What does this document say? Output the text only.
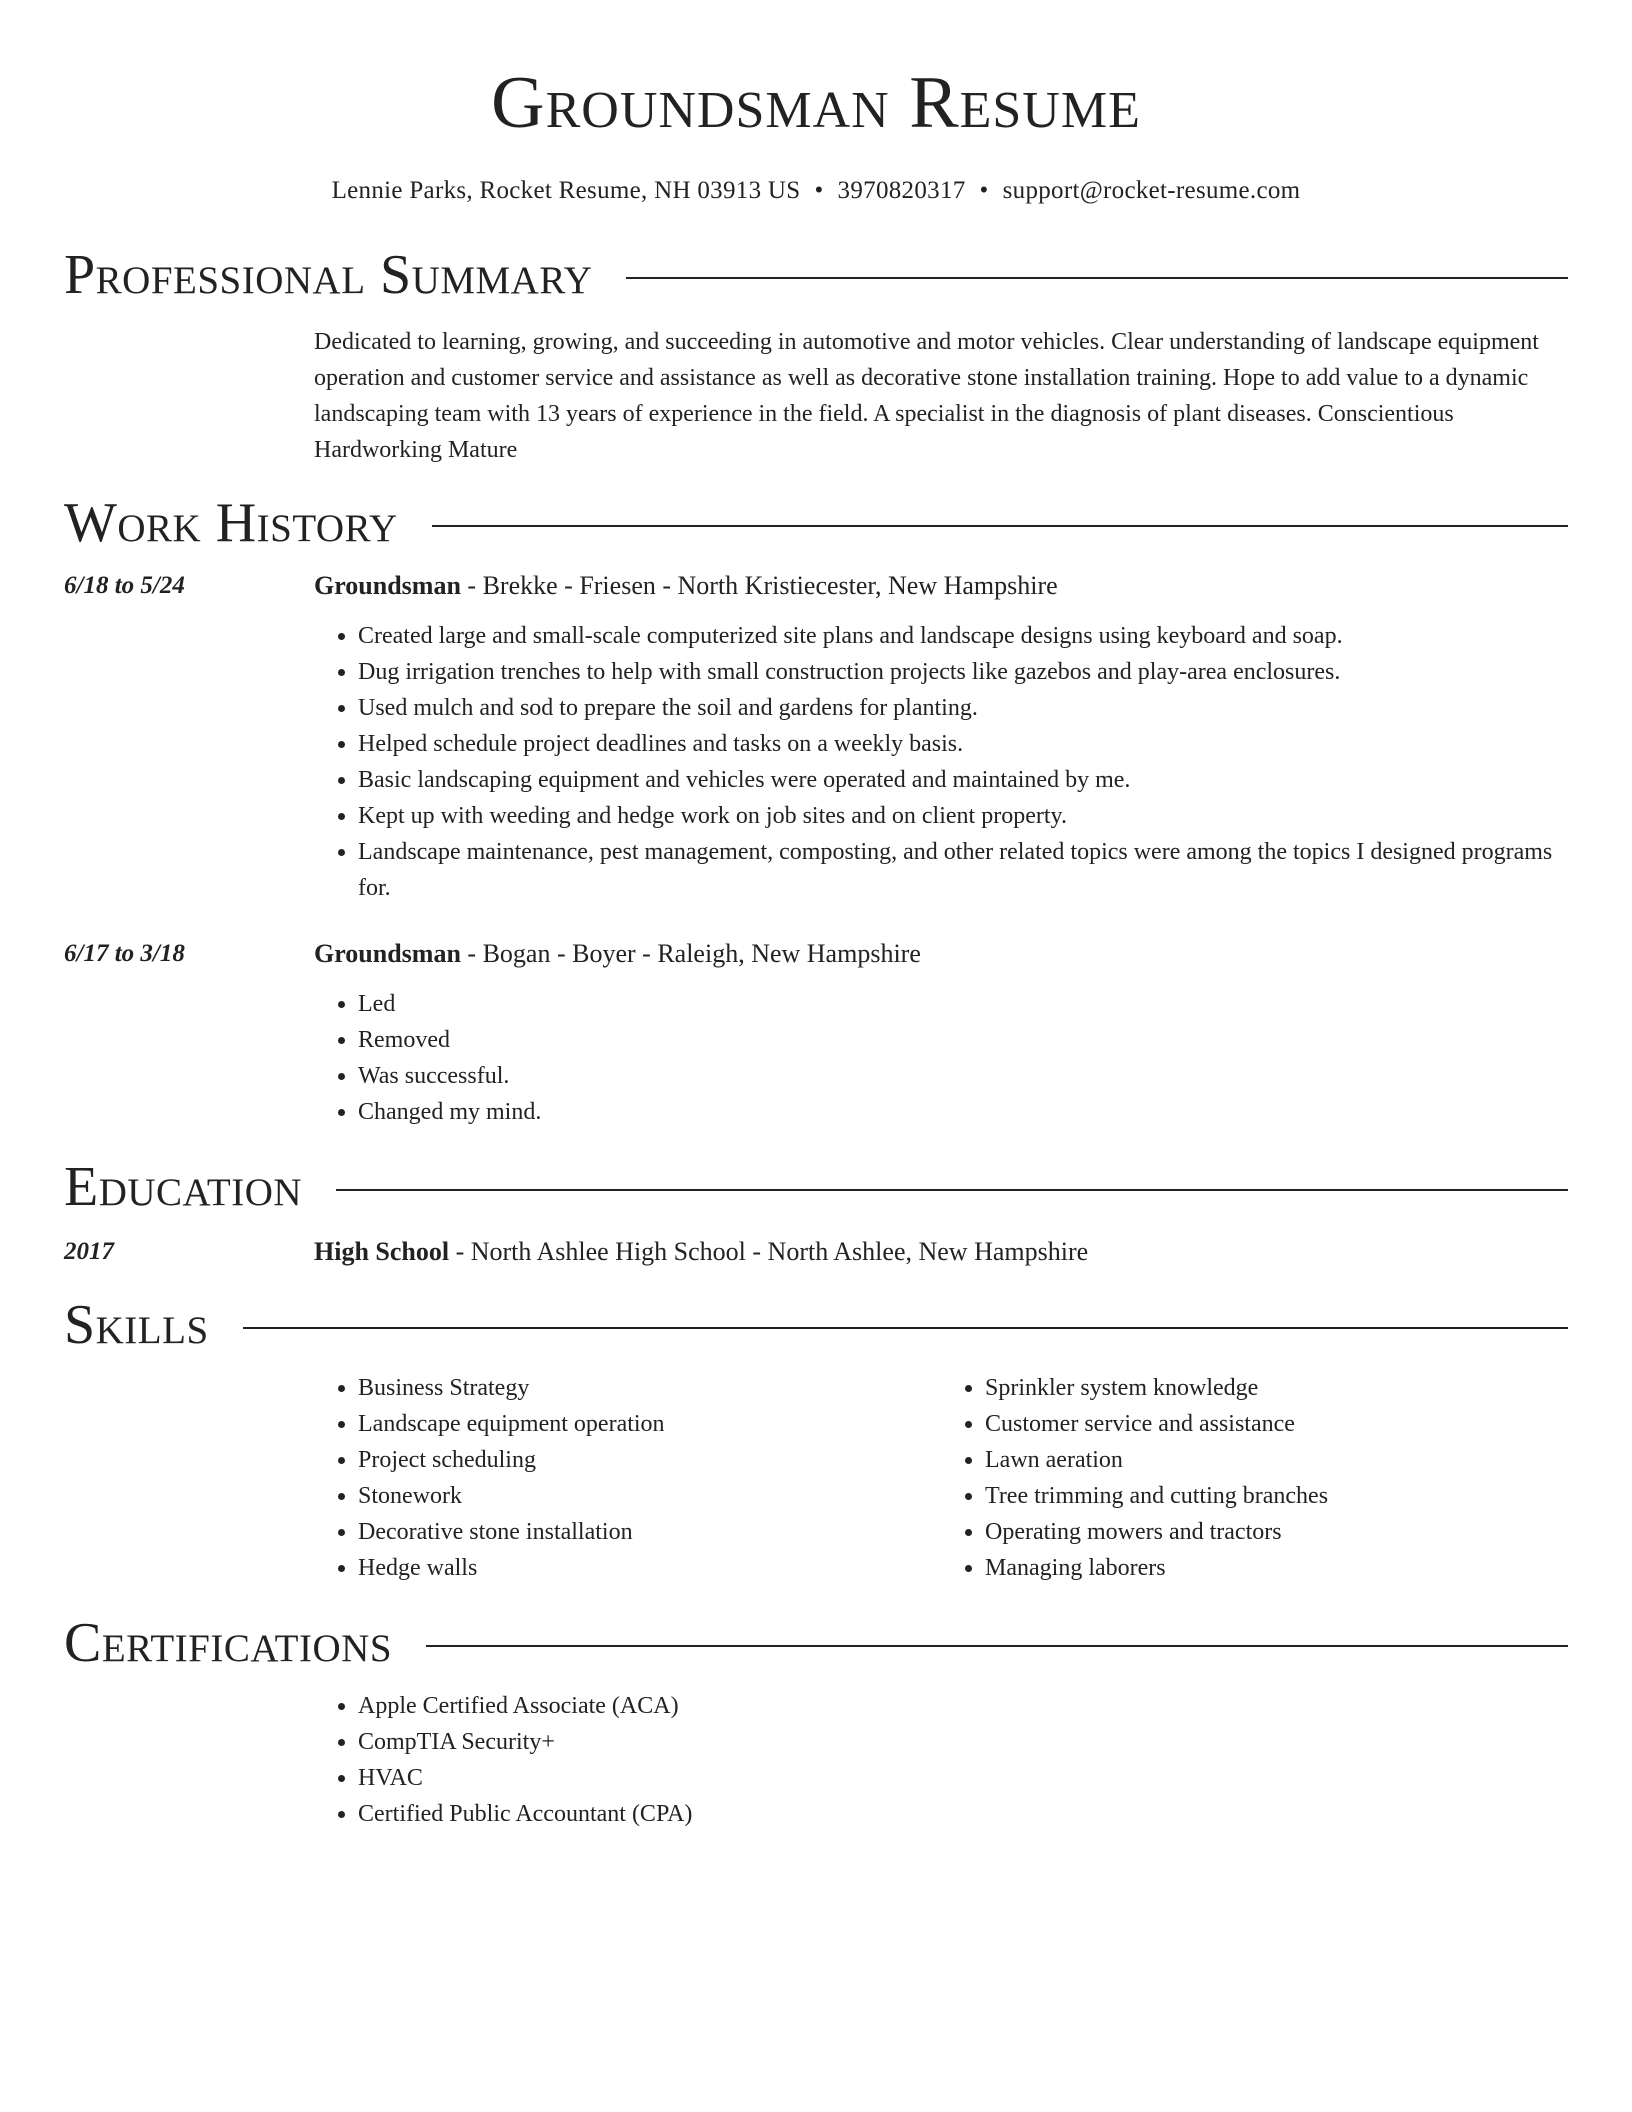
Groundsman Resume
Lennie Parks, Rocket Resume, NH 03913 US • 3970820317 • support@rocket-resume.com
Professional Summary
Dedicated to learning, growing, and succeeding in automotive and motor vehicles. Clear understanding of landscape equipment operation and customer service and assistance as well as decorative stone installation training. Hope to add value to a dynamic landscaping team with 13 years of experience in the field. A specialist in the diagnosis of plant diseases. Conscientious Hardworking Mature
Work History
6/18 to 5/24	Groundsman - Brekke - Friesen - North Kristiecester, New Hampshire
• Created large and small-scale computerized site plans and landscape designs using keyboard and soap.
• Dug irrigation trenches to help with small construction projects like gazebos and play-area enclosures.
• Used mulch and sod to prepare the soil and gardens for planting.
• Helped schedule project deadlines and tasks on a weekly basis.
• Basic landscaping equipment and vehicles were operated and maintained by me.
• Kept up with weeding and hedge work on job sites and on client property.
• Landscape maintenance, pest management, composting, and other related topics were among the topics I designed programs for.
6/17 to 3/18	Groundsman - Bogan - Boyer - Raleigh, New Hampshire
• Led
• Removed
• Was successful.
• Changed my mind.
Education
2017	High School - North Ashlee High School - North Ashlee, New Hampshire
Skills
• Business Strategy
• Landscape equipment operation
• Project scheduling
• Stonework
• Decorative stone installation
• Hedge walls
• Sprinkler system knowledge
• Customer service and assistance
• Lawn aeration
• Tree trimming and cutting branches
• Operating mowers and tractors
• Managing laborers
Certifications
• Apple Certified Associate (ACA)
• CompTIA Security+
• HVAC
• Certified Public Accountant (CPA)
